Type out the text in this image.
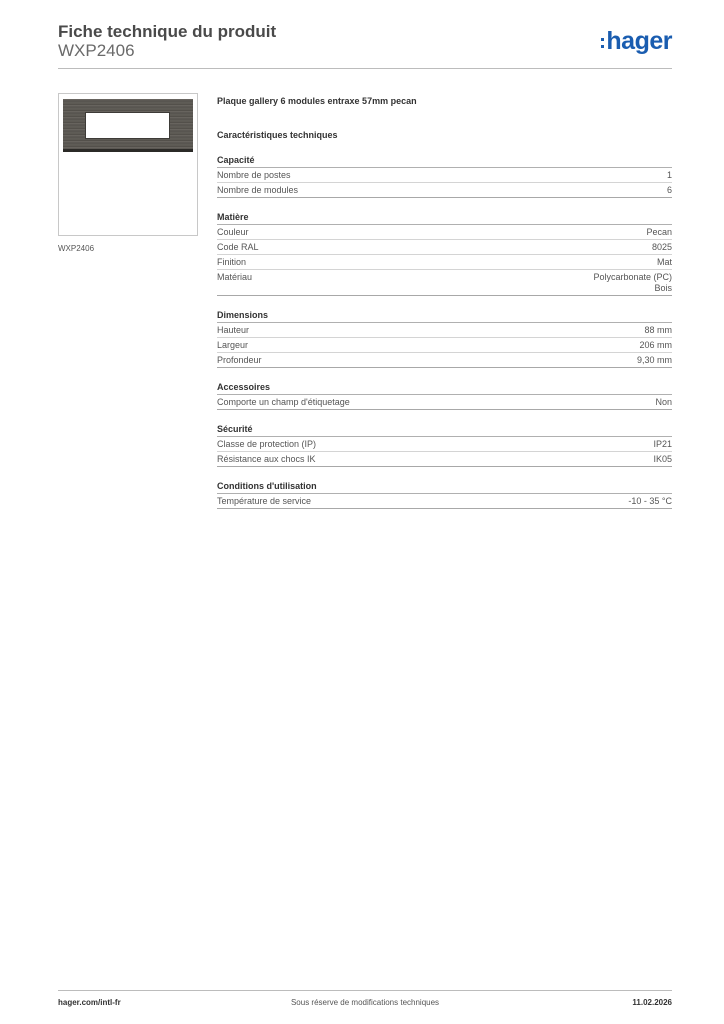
Fiche technique du produit
WXP2406	hager
WXP2406
Plaque gallery 6 modules entraxe 57mm pecan
Caractéristiques techniques
Capacité
Nombre de postes	1
Nombre de modules	6
Matière
Couleur	Pecan
Code RAL	8025
Finition	Mat
Matériau	Polycarbonate (PC)
Bois
Dimensions
Hauteur	88 mm
Largeur	206 mm
Profondeur	9,30 mm
Accessoires
Comporte un champ d'étiquetage	Non
Sécurité
Classe de protection (IP)	IP21
Résistance aux chocs IK	IK05
Conditions d'utilisation
Température de service	-10 - 35 °C
hager.com/intl-fr	Sous réserve de modifications techniques	11.02.2026
